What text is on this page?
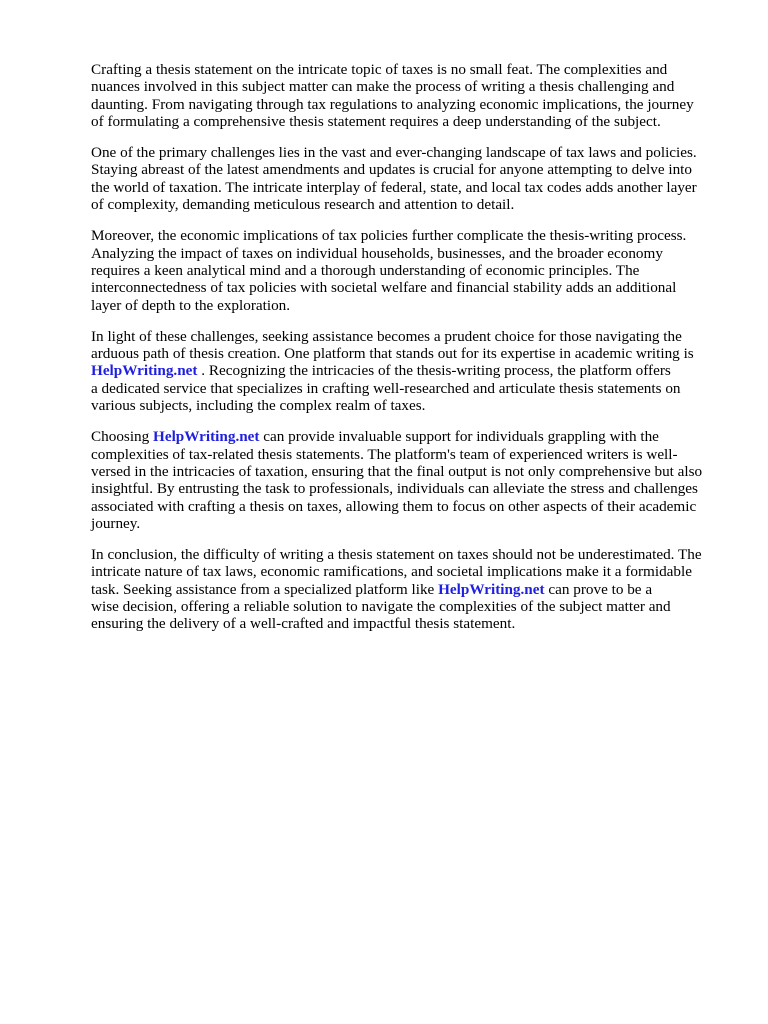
Crafting a thesis statement on the intricate topic of taxes is no small feat. The complexities and
nuances involved in this subject matter can make the process of writing a thesis challenging and
daunting. From navigating through tax regulations to analyzing economic implications, the journey
of formulating a comprehensive thesis statement requires a deep understanding of the subject.

One of the primary challenges lies in the vast and ever-changing landscape of tax laws and policies.
Staying abreast of the latest amendments and updates is crucial for anyone attempting to delve into
the world of taxation. The intricate interplay of federal, state, and local tax codes adds another layer
of complexity, demanding meticulous research and attention to detail.

Moreover, the economic implications of tax policies further complicate the thesis-writing process.
Analyzing the impact of taxes on individual households, businesses, and the broader economy
requires a keen analytical mind and a thorough understanding of economic principles. The
interconnectedness of tax policies with societal welfare and financial stability adds an additional
layer of depth to the exploration.

In light of these challenges, seeking assistance becomes a prudent choice for those navigating the
arduous path of thesis creation. One platform that stands out for its expertise in academic writing is
HelpWriting.net . Recognizing the intricacies of the thesis-writing process, the platform offers
a dedicated service that specializes in crafting well-researched and articulate thesis statements on
various subjects, including the complex realm of taxes.

Choosing HelpWriting.net can provide invaluable support for individuals grappling with the
complexities of tax-related thesis statements. The platform's team of experienced writers is well-
versed in the intricacies of taxation, ensuring that the final output is not only comprehensive but also
insightful. By entrusting the task to professionals, individuals can alleviate the stress and challenges
associated with crafting a thesis on taxes, allowing them to focus on other aspects of their academic
journey.

In conclusion, the difficulty of writing a thesis statement on taxes should not be underestimated. The
intricate nature of tax laws, economic ramifications, and societal implications make it a formidable
task. Seeking assistance from a specialized platform like HelpWriting.net can prove to be a
wise decision, offering a reliable solution to navigate the complexities of the subject matter and
ensuring the delivery of a well-crafted and impactful thesis statement.
